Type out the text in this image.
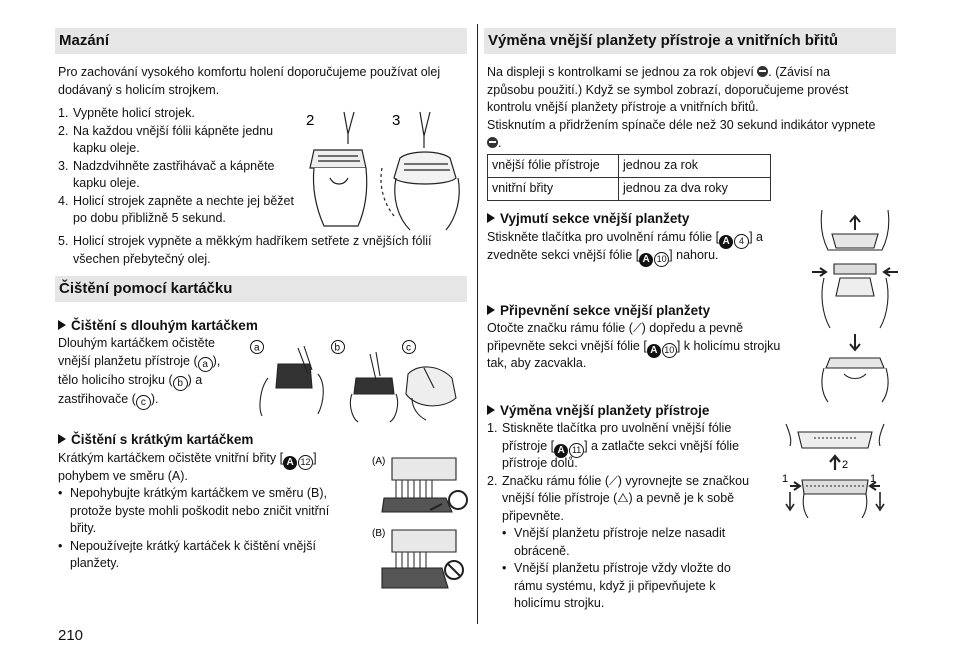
Mazání
Pro zachování vysokého komfortu holení doporučujeme používat olej dodávaný s holicím strojkem.
1. Vypněte holicí strojek.
2. Na každou vnější fólii kápněte jednu kapku oleje.
3. Nadzdvihněte zastřihávač a kápněte kapku oleje.
4. Holicí strojek zapněte a nechte jej běžet po dobu přibližně 5 sekund.
5. Holicí strojek vypněte a měkkým hadříkem setřete z vnějších fólií všechen přebytečný olej.
2	3
Čištění pomocí kartáčku
Čištění s dlouhým kartáčkem
Dlouhým kartáčkem očistěte
vnější planžetu přístroje ( a ),
tělo holicího strojku ( b ) a
zastřihovače ( c ).
a	b	c
Čištění s krátkým kartáčkem
Krátkým kartáčkem očistěte vnitřní břity [ A 12 ]
pohybem ve směru (A).
• Nepohybujte krátkým kartáčkem ve směru (B), protože byste mohli poškodit nebo zničit vnitřní břity.
• Nepoužívejte krátký kartáček k čištění vnější planžety.
(A)
(B)
210
Výměna vnější planžety přístroje a vnitřních břitů
Na displeji s kontrolkami se jednou za rok objeví . (Závisí na způsobu použití.) Když se symbol zobrazí, doporučujeme provést kontrolu vnější planžety přístroje a vnitřních břitů.
Stisknutím a přidržením spínače déle než 30 sekund indikátor vypnete .
vnější fólie přístroje	jednou za rok
vnitřní břity	jednou za dva roky
Vyjmutí sekce vnější planžety
Stiskněte tlačítka pro uvolnění rámu fólie [ A 4 ] a zvedněte sekci vnější fólie [ A 10 ] nahoru.
Připevnění sekce vnější planžety
Otočte značku rámu fólie (⟋) dopředu a pevně připevněte sekci vnější fólie [ A 10 ] k holicímu strojku tak, aby zacvakla.
Výměna vnější planžety přístroje
1. Stiskněte tlačítka pro uvolnění vnější fólie přístroje [ A 11 ] a zatlačte sekci vnější fólie přístroje dolů.
2. Značku rámu fólie (⟋) vyrovnejte se značkou vnější fólie přístroje (△) a pevně je k sobě připevněte.
• Vnější planžetu přístroje nelze nasadit obráceně.
• Vnější planžetu přístroje vždy vložte do rámu systému, když ji připevňujete k holicímu strojku.
1
2
1
